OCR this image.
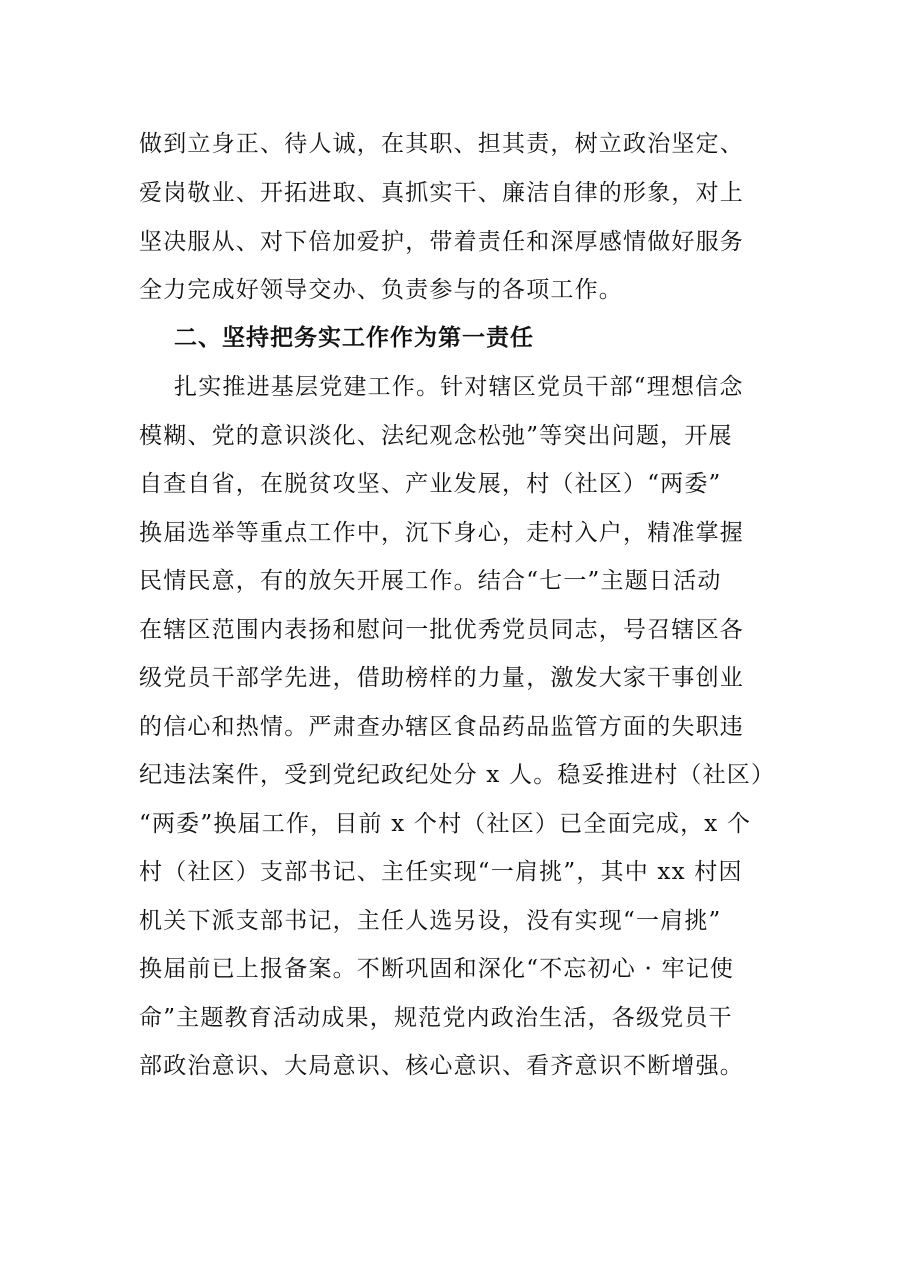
做到立身正、待人诚，在其职、担其责，树立政治坚定、
爱岗敬业、开拓进取、真抓实干、廉洁自律的形象，对上
坚决服从、对下倍加爱护，带着责任和深厚感情做好服务
全力完成好领导交办、负责参与的各项工作。
二、坚持把务实工作作为第一责任
扎实推进基层党建工作。针对辖区党员干部“理想信念
模糊、党的意识淡化、法纪观念松弛”等突出问题，开展
自查自省，在脱贫攻坚、产业发展，村（社区）“两委”
换届选举等重点工作中，沉下身心，走村入户，精准掌握
民情民意，有的放矢开展工作。结合“七一”主题日活动
在辖区范围内表扬和慰问一批优秀党员同志，号召辖区各
级党员干部学先进，借助榜样的力量，激发大家干事创业
的信心和热情。严肃查办辖区食品药品监管方面的失职违
纪违法案件，受到党纪政纪处分 x 人。稳妥推进村（社区）
“两委”换届工作，目前 x 个村（社区）已全面完成，x 个
村（社区）支部书记、主任实现“一肩挑”，其中 xx 村因
机关下派支部书记，主任人选另设，没有实现“一肩挑”
换届前已上报备案。不断巩固和深化“不忘初心 · 牢记使
命”主题教育活动成果，规范党内政治生活，各级党员干
部政治意识、大局意识、核心意识、看齐意识不断增强。
